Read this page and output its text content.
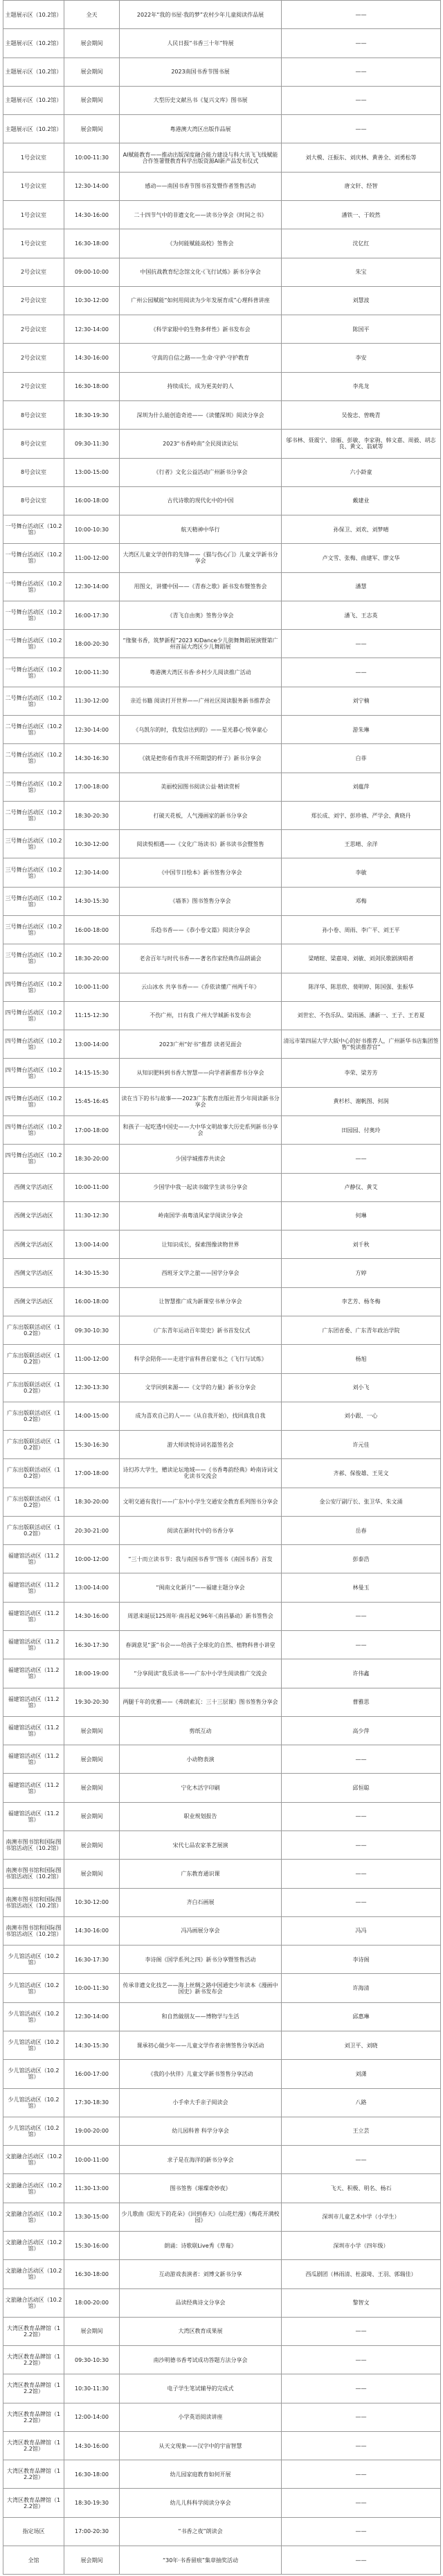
主题展示区（10.2馆）	全天	2022年“我的书屋·我的梦”农村少年儿童阅读作品展	——
主题展示区（10.2馆）	展会期间	人民日报“书香三十年”特展	——
主题展示区（10.2馆）	展会期间	2023南国书香节图书展	——
主题展示区（10.2馆）	展会期间	大型历史文献丛书《复兴文库》图书展	——
主题展示区（10.2馆）	展会期间	粤港澳大湾区出版作品展	——
1号会议室	10:00-11:30	AI赋能教育——推动出版深度融合能力建设与科大讯飞飞线赋能合作签署暨教育科学出版资源AI新产品发布仪式	刘大模、汪振东、刘庆林、黄善全、刘勇松等
1号会议室	12:30-14:00	感动——南国书香节图书首发暨作者签售活动	唐文轩、经智
1号会议室	14:30-16:00	二十四节气中的非遗文化——读书分享会《时间之书》	潘铁一、于皎然
1号会议室	16:30-18:00	《为何能赋能高校》签售会	沈亿红
2号会议室	09:00-10:00	中国抗战教育纪念馆文化·《飞行试炼》新书分享会	朱宝
2号会议室	10:30-12:00	广州公园赋能“如何用阅读为少年发展育成”心理科普讲座	刘慧波
2号会议室	12:30-14:00	《科学家眼中的生物多样性》新书发布会	陈国平
2号会议室	14:30-16:00	守真的自信之路——生命·守护·守护教育	李安
2号会议室	16:30-18:00	持续成长，成为更美好的人	李兆龙
8号会议室	18:30-19:30	深圳为什么能创造奇迹——《读懂深圳》阅读分享会	吴俊忠、曾晚青
8号会议室	09:30-11:30	2023“书香岭南”全民阅读论坛	邬书林、聂震宁、徐雁、彭敏、李家驹、韩文嘉、周毅、胡志良、黄文、翁斌等
8号会议室	13:00-15:00	《行者》文化公益活动广州新书分享会	六小龄童
8号会议室	16:00-18:00	古代诗歌的现代化中的中国	戴建业
一号舞台活动区（10.2馆）	10:00-10:30	航天精神中华行	孙保卫、刘欢、刘梦晴
一号舞台活动区（10.2馆）	11:00-12:00	大湾区儿童文学创作的先锋——《猫与伤心门》儿童文学新书分享会	卢文雪、张梅、曲建军、廖文华
一号舞台活动区（10.2馆）	12:30-14:00	用图文，讲懂中国——《青春之歌》新书发布暨签售会	潘慧
一号舞台活动区（10.2馆）	16:00-17:30	《青飞自由奥》签售分享会	潘飞、王志英
一号舞台活动区（10.2馆）	18:00-20:30	“缘聚书香，筑梦新程”2023 KiDance少儿街舞舞蹈展演暨第广州首届大湾区少儿舞蹈展	——
一号舞台活动区（10.2馆）	10:00-11:30	粤港澳大湾区书香·乡村少儿阅读推广活动	——
二号舞台活动区（10.2馆）	11:30-12:00	亲近书籍 阅读打开世界——广州社区阅读服务新书推荐会	刘宁楠
二号舞台活动区（10.2馆）	12:30-14:00	《乌凯尔的时，我发信出到的》——星光暮心·悦享童心	游朱琳
二号舞台活动区（10.2馆）	14:30-16:30	《就是把你看作我并不所期望的样子》新书分享会	白菲
二号舞台活动区（10.2馆）	17:00-18:00	美丽校园图书阅读公益·精读赏析	刘蕴萍
二号舞台活动区（10.2馆）	18:30-20:30	打破天花板，人气漫画家的新书分享会	郑长成、刘宇、彭珍禧、严学会、黄晓丹
三号舞台活动区（10.2馆）	10:30-12:00	阅读悦相遇——《文化广场读书》新书读书会暨签售	王思晴、余洋
三号舞台活动区（10.2馆）	12:30-14:00	《中国节日绘本》新书签售分享会	李敏
三号舞台活动区（10.2馆）	14:30-15:30	《墙茶》图书签售分享会	邓梅
三号舞台活动区（10.2馆）	16:00-18:00	乐趋书香——《恭小卷文篇》阅读分享会	孙小卷、周雨、李广平、刘王平
三号舞台活动区（10.2馆）	18:30-20:00	老舍百年与时代书香——著名作家经典作品朗诵会	梁晴暄、梁嘉琦、刘敏、刘剑民歌剧演唱者
四号舞台活动区（10.2馆）	10:00-11:00	云山冰水 共享书香——《乔依读懂广州两千年》	陈洋华、陈思欣、裴明婷、陈国强、张振华
四号舞台活动区（10.2馆）	11:15-12:30	不伤广州，日有我 广州大学城新书发布会	刘世宏、不伤乐队、梁雨涵、潘新一、王子、王若夏
四号舞台活动区（10.2馆）	13:00-14:00	2023广州“好书”推荐 读者见面会	清远市第四届大学大阪中心的好书推荐人，广州新华书店集团签售“悦读推荐官”
四号舞台活动区（10.2馆）	14:15-15:30	从知识肥料到书香大智慧——向学者新推荐书分享会	李荣、梁芳芳
四号舞台活动区（10.2馆）	15:45-16:45	读在当下的书与故事——2023广东教育出版社青少年阅读新书分享会	黄杉杉、谢帆图、何润
四号舞台活动区（10.2馆）	17:00-18:00	和孩子一起吃透中国史——大中华文明故事大历史系列新书分享会	田园园、付奥玲
四号舞台活动区（10.2馆）	18:30-20:00	少国学城推荐共读会	——
西侧文学活动区	10:00-11:00	少国学中我一起读书做学生读书分享会	卢静仪、黄艾
西侧文学活动区	11:30-12:30	岭南国学·南粤清风家学阅读分享会	何琳
西侧文学活动区	13:00-14:00	让知识成长，探索图像读物世界	刘千秋
西侧文学活动区	14:30-15:30	西班牙文学之旅——国学分享会	方婷
西侧文学活动区	16:00-18:00	让智慧推广成为新课堂书单分享会	李艺芳、杨冬梅
广东出版联活动区（10.2馆）	09:30-10:30	《广东青年运动百年简史》新书首发仪式	广东团省委、广东青年政治学院
广东出版联活动区（10.2馆）	11:00-12:00	科学会陪你——走进宇宙科普启蒙书之《飞行与试炼》	杨旭
广东出版联活动区（10.2馆）	12:30-13:30	文学回到来源——《文学的力量》新书分享会	刘小飞
广东出版联活动区（10.2馆）	14:00-15:00	成为喜欢自己的人——《从自我开始》，找回真我自我	刘小跟、一心
广东出版联活动区（10.2馆）	15:30-16:30	游大师读悦诗词名篇签名会	许元佳
广东出版联活动区（10.2馆）	17:00-18:00	诗幻苏大学生，赠读论坛地域——《书香粤韵经典》岭南诗词文化读书交流会	齐郝、保俊雄、王见文
广东出版联活动区（10.2馆）	18:30-20:00	文明交通有我行——广东中小学生交通安全教育系列图书分享会	金公安厅副厅长、张卫华、朱文涌
广东出版联活动区（10.2馆）	20:30-21:00	阅读在新时代中的书香分享	岳春
福建馆活动区（11.2馆）	10:00-12:00	“三十而立读书节：我与南国书香节”图书《南国书香》首发	彭泰浩
福建馆活动区（11.2馆）	13:00-14:00	“闽南文化新月”——福建主题分享会	林曼玉
福建馆活动区（11.2馆）	14:30-16:00	周恩来诞辰125周年·南昌起义96年·《南昌暴动》新书签售会	——
福建馆活动区（11.2馆）	16:30-17:30	春调意见“蛋”书会——给孩子全球化的自然、植物科普小讲堂	——
福建馆活动区（11.2馆）	18:00-19:00	“分享阅读”我乐读书——广东中小学生阅读推广交流会	许伟鑫
福建馆活动区（11.2馆）	19:30-20:30	两腿千年的优雅——《弗朗索瓦：三十三层课》图书签售分享会	曹雅思
福建馆活动区（11.2馆）	展会期间	剪纸互动	高少萍
福建馆活动区（11.2馆）	展会期间	小动物表演	——
福建馆活动区（11.2馆）	展会期间	宁化木活字印刷	邱恒聪
福建馆活动区（11.2馆）	展会期间	职业规划报告	——
南澳市图书馆和国际图书馆活动区（10.2馆）	展会期间	宋代七品农家茶艺展演	——
南澳市图书馆和国际图书馆活动区（10.2馆）	展会期间	广东教育通识课	——
南澳市图书馆和国际图书馆活动区（10.2馆）	10:30-12:00	齐白石画展	——
南澳市图书馆和国际图书馆活动区（10.2馆）	14:30-16:00	冯冯画展分享会	冯冯
少儿馆活动区（10.2馆）	16:30-17:30	李诗阁《国学系列之四》新书分享暨签售活动	李诗阁
少儿馆活动区（10.2馆）	10:00-11:30	传承非遗文化技艺——海上丝绸之路中国通史少年读本《漫画中国史》新书发布会	许海清
少儿馆活动区（10.2馆）	12:30-14:00	和自然做朋友——博物学与生活	邱惠琳
少儿馆活动区（10.2馆）	14:30-15:30	课承初心做少年——儿童文学作者亲情签售分享活动	刘卫平、刘晓
少儿馆活动区（10.2馆）	16:00-17:00	《我的小伙伴》儿童文学新书签售分享活动	刘潇
少儿馆活动区（10.2馆）	17:30-18:30	小手牵大手亲子阅读会	八路
少儿馆活动区（10.2馆）	19:00-20:00	幼儿园科普 科学分享会	王立芸
文旅融合活动区（10.2馆）	10:00-11:00	求子是在海洋的新书分享会	——
文旅融合活动区（10.2馆）	11:30-13:00	图书签售《璀璨奇妙夜》	飞天、积极、明名、杨石
文旅融合活动区（10.2馆）	13:30-15:00	少儿歌曲《阳光下的花朵》《回到春天》《山花烂漫》《梅花开满校园》	深圳市儿童艺术中学（小学生）
文旅融合活动区（10.2馆）	15:30-16:00	朗诵：诗歌联Live秀《草莓》	深圳市小学（四年级）
文旅融合活动区（10.2馆）	16:30-18:00	互动游戏表演者：刘博文新书分享	西瓜剧团（林雨清、杜淑琦、王羽、郭瑞佳）
文旅融合活动区（10.2馆）	18:00-20:00	品读经典诗文分享会	黎智文
大湾区教育品牌馆（12.2馆）	展会期间	大湾区教育成果展	——
大湾区教育品牌馆（12.2馆）	09:30-10:30	南沙明德书香考试成功答题方法分享会	——
大湾区教育品牌馆（12.2馆）	10:30-11:30	电子学生笔试辅导的完成式	——
大湾区教育品牌馆（12.2馆）	12:00-14:00	小学英语阅读讲座	——
大湾区教育品牌馆（12.2馆）	14:30-16:00	从天文现象——汉字中的宇宙智慧	——
大湾区教育品牌馆（12.2馆）	16:30-18:00	幼儿园家庭教育如何开展	——
大湾区教育品牌馆（12.2馆）	18:30-19:30	幼儿儿科科学阅读分享会	——
指定场区	17:00-20:30	“书香之夜”朗读会	——
全馆	展会期间	“30年·书香留痕”集章抽奖活动	——
